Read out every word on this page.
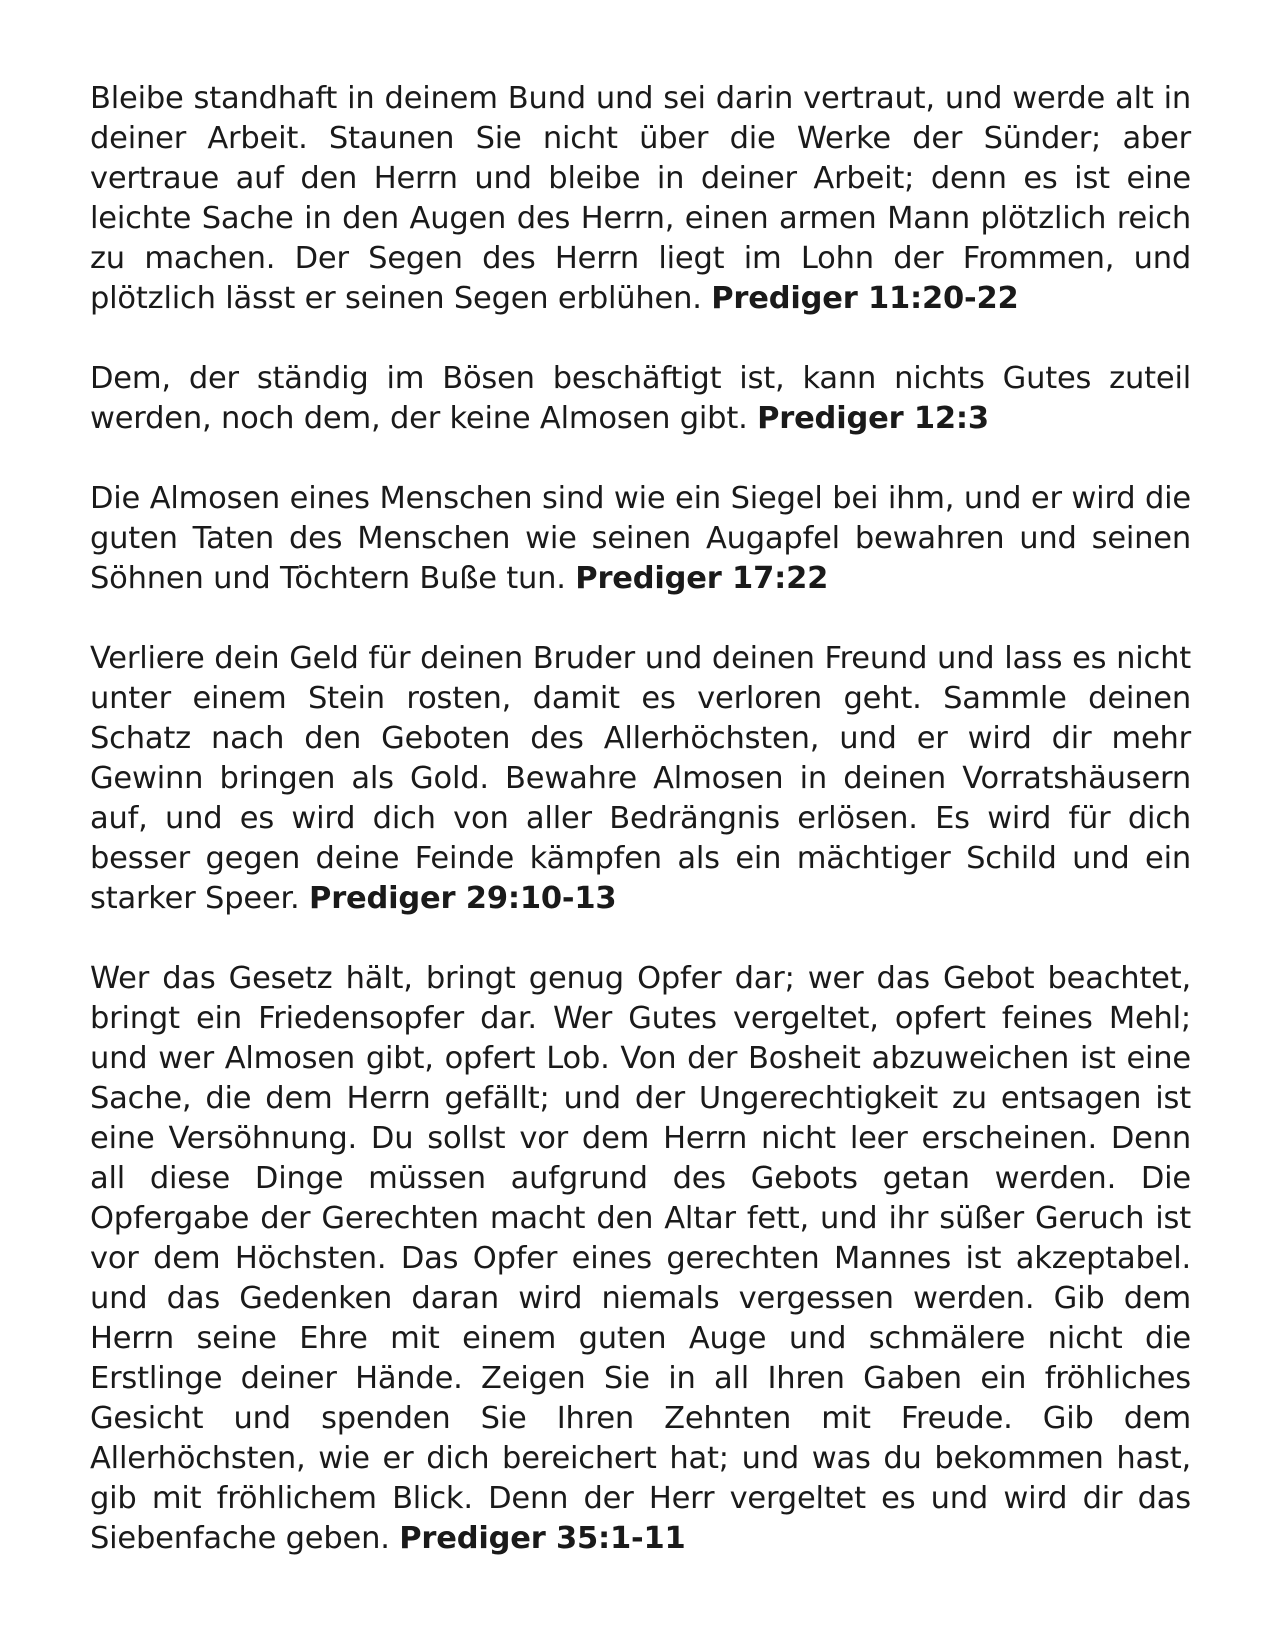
Bleibe standhaft in deinem Bund und sei darin vertraut, und werde alt in deiner Arbeit. Staunen Sie nicht über die Werke der Sünder; aber vertraue auf den Herrn und bleibe in deiner Arbeit; denn es ist eine leichte Sache in den Augen des Herrn, einen armen Mann plötzlich reich zu machen. Der Segen des Herrn liegt im Lohn der Frommen, und plötzlich lässt er seinen Segen erblühen. Prediger 11:20-22

Dem, der ständig im Bösen beschäftigt ist, kann nichts Gutes zuteil werden, noch dem, der keine Almosen gibt. Prediger 12:3

Die Almosen eines Menschen sind wie ein Siegel bei ihm, und er wird die guten Taten des Menschen wie seinen Augapfel bewahren und seinen Söhnen und Töchtern Buße tun. Prediger 17:22

Verliere dein Geld für deinen Bruder und deinen Freund und lass es nicht unter einem Stein rosten, damit es verloren geht. Sammle deinen Schatz nach den Geboten des Allerhöchsten, und er wird dir mehr Gewinn bringen als Gold. Bewahre Almosen in deinen Vorratshäusern auf, und es wird dich von aller Bedrängnis erlösen. Es wird für dich besser gegen deine Feinde kämpfen als ein mächtiger Schild und ein starker Speer. Prediger 29:10-13

Wer das Gesetz hält, bringt genug Opfer dar; wer das Gebot beachtet, bringt ein Friedensopfer dar. Wer Gutes vergeltet, opfert feines Mehl; und wer Almosen gibt, opfert Lob. Von der Bosheit abzuweichen ist eine Sache, die dem Herrn gefällt; und der Ungerechtigkeit zu entsagen ist eine Versöhnung. Du sollst vor dem Herrn nicht leer erscheinen. Denn all diese Dinge müssen aufgrund des Gebots getan werden. Die Opfergabe der Gerechten macht den Altar fett, und ihr süßer Geruch ist vor dem Höchsten. Das Opfer eines gerechten Mannes ist akzeptabel. und das Gedenken daran wird niemals vergessen werden. Gib dem Herrn seine Ehre mit einem guten Auge und schmälere nicht die Erstlinge deiner Hände. Zeigen Sie in all Ihren Gaben ein fröhliches Gesicht und spenden Sie Ihren Zehnten mit Freude. Gib dem Allerhöchsten, wie er dich bereichert hat; und was du bekommen hast, gib mit fröhlichem Blick. Denn der Herr vergeltet es und wird dir das Siebenfache geben. Prediger 35:1-11
